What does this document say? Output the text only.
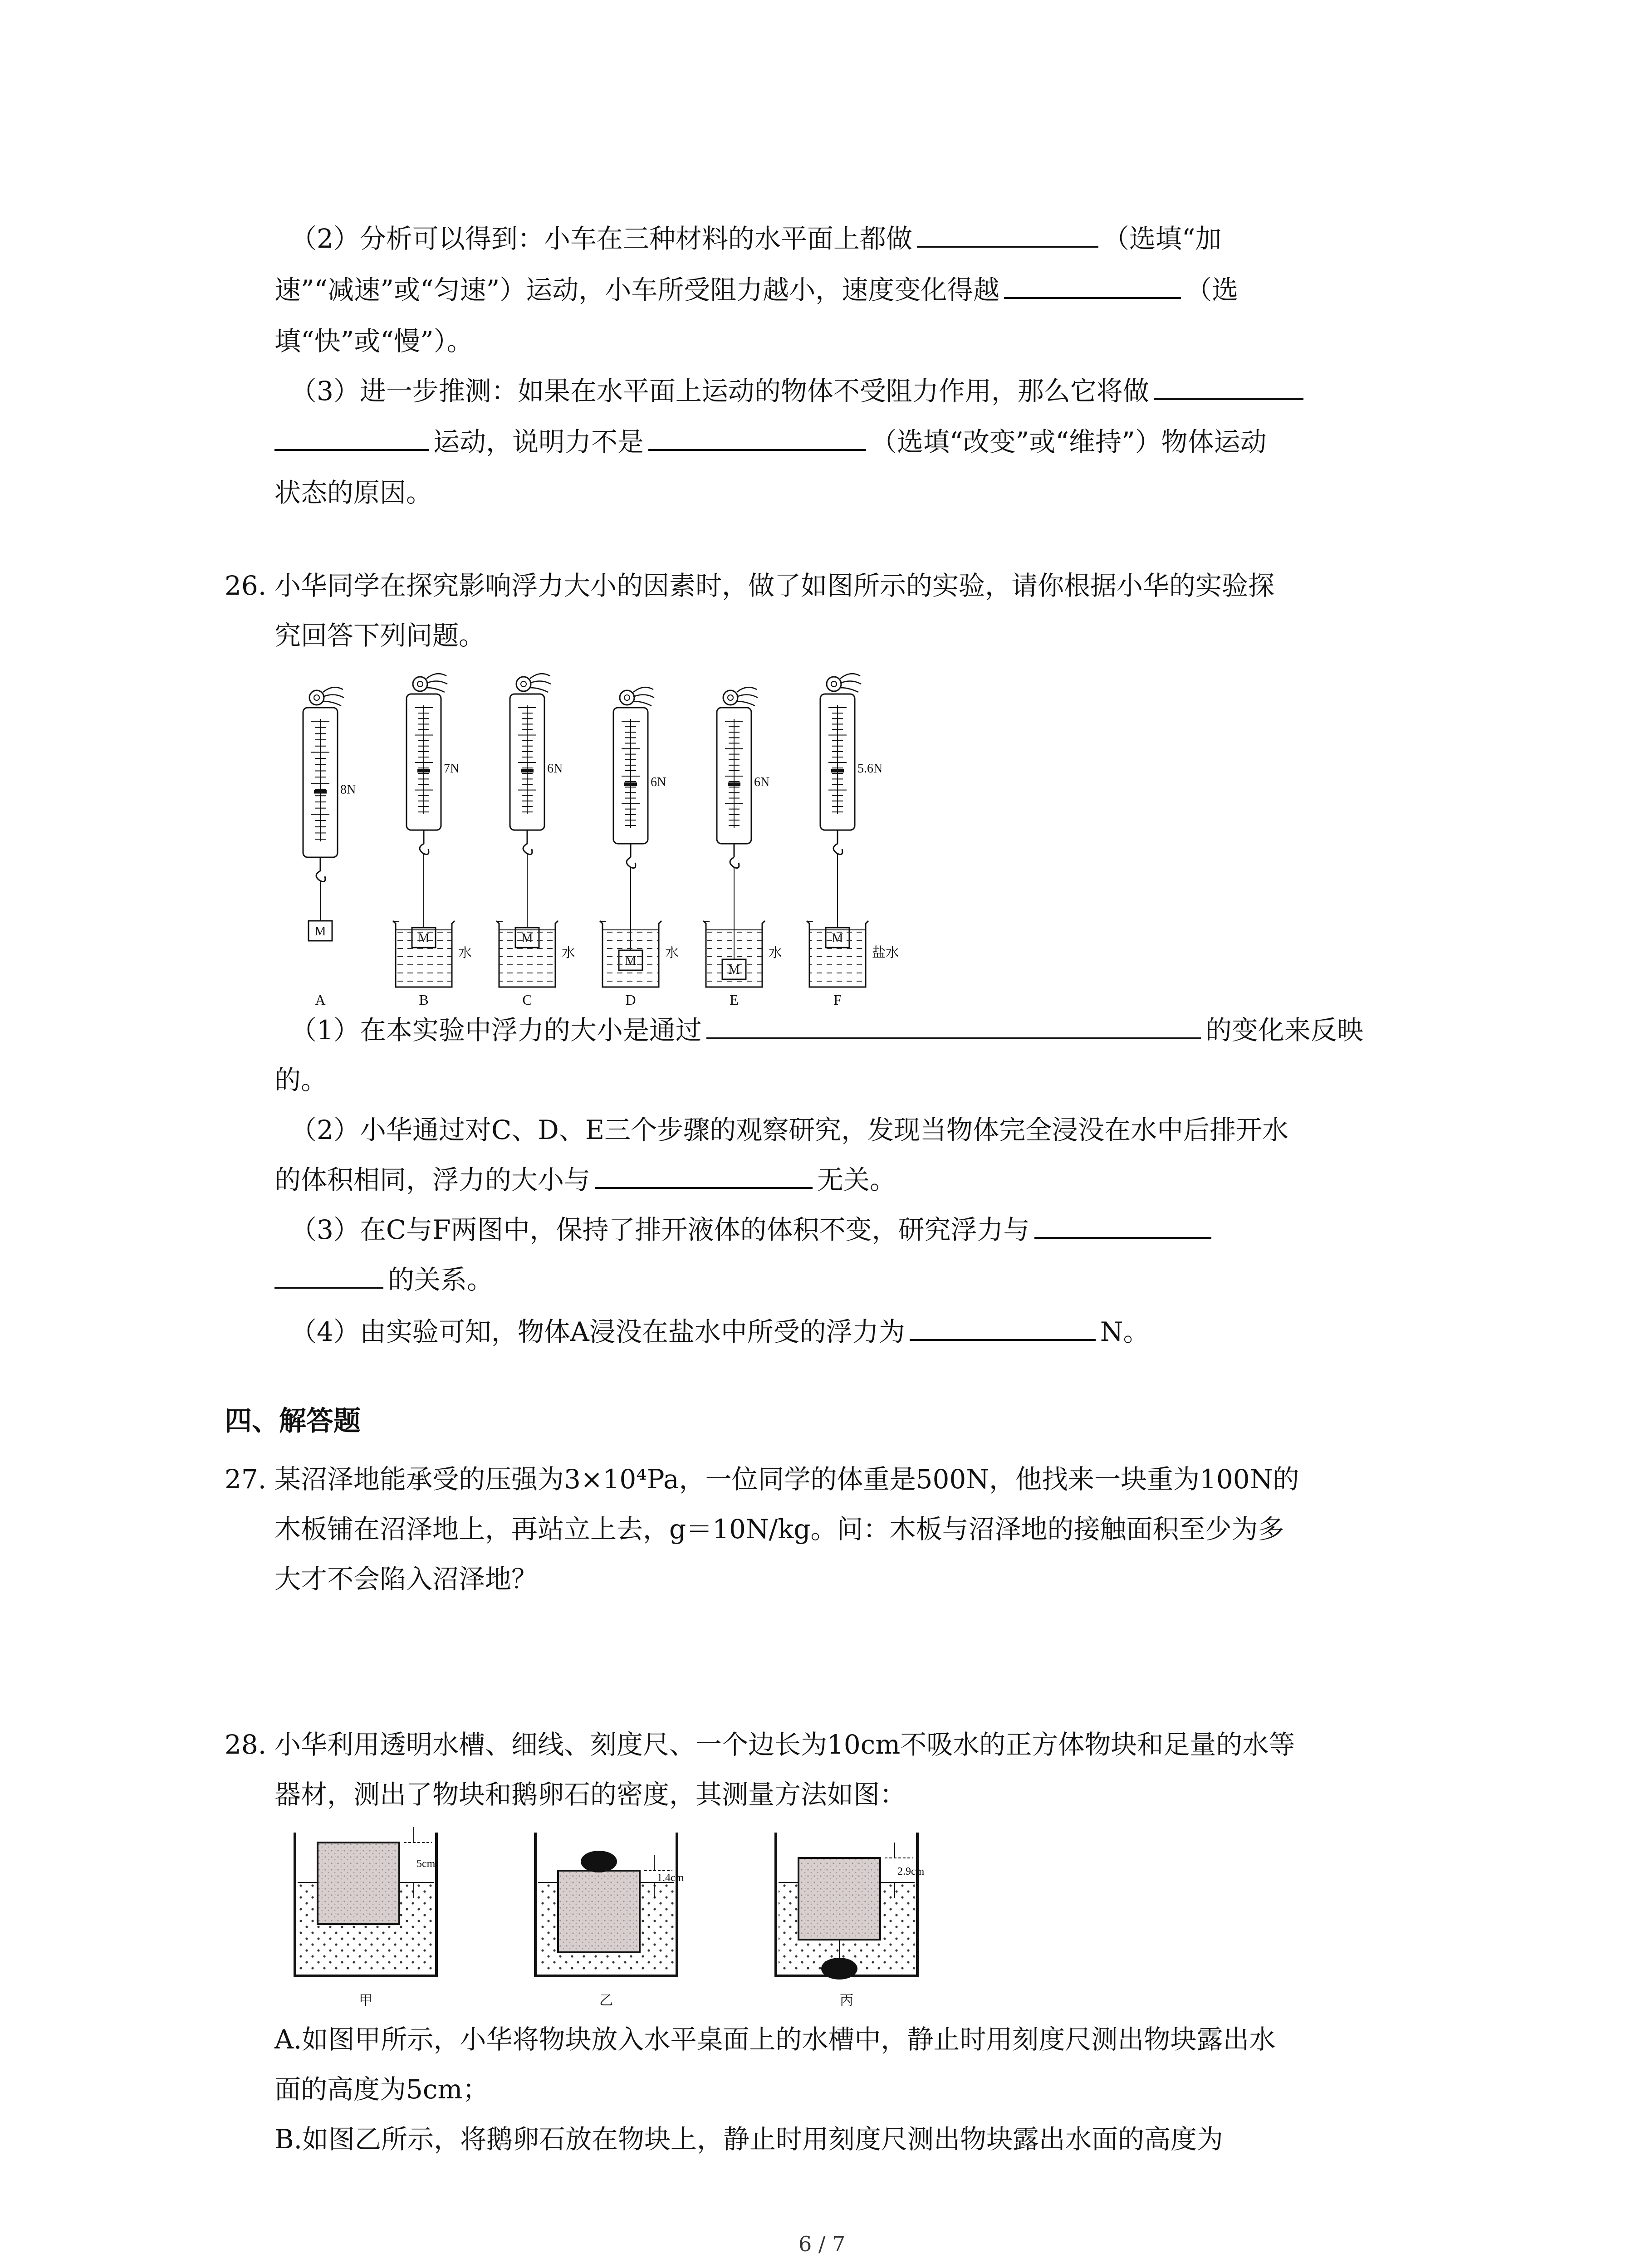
（2）分析可以得到：小车在三种材料的水平面上都做	（选填“加
速”“减速”或“匀速”）运动，小车所受阻力越小，速度变化得越	（选
填“快”或“慢”）。
（3）进一步推测：如果在水平面上运动的物体不受阻力作用，那么它将做
运动，说明力不是	（选填“改变”或“维持”）物体运动
状态的原因。
26. 小华同学在探究影响浮力大小的因素时，做了如图所示的实验，请你根据小华的实验探
究回答下列问题。
8N
M
A
7N
水
B
6N
水
C
6N
水
D
6N
水
E
5.6N
盐水
F
（1）在本实验中浮力的大小是通过	的变化来反映
的。
（2）小华通过对C、D、E三个步骤的观察研究，发现当物体完全浸没在水中后排开水
的体积相同，浮力的大小与	无关。
（3）在C与F两图中，保持了排开液体的体积不变，研究浮力与
的关系。
（4）由实验可知，物体A浸没在盐水中所受的浮力为	N。
四、解答题
27. 某沼泽地能承受的压强为3×10⁴Pa，一位同学的体重是500N，他找来一块重为100N的
木板铺在沼泽地上，再站立上去，g＝10N/kg。问：木板与沼泽地的接触面积至少为多
大才不会陷入沼泽地？
28. 小华利用透明水槽、细线、刻度尺、一个边长为10cm不吸水的正方体物块和足量的水等
器材，测出了物块和鹅卵石的密度，其测量方法如图：
5cm
甲
1.4cm
乙
2.9cm
丙
A.如图甲所示，小华将物块放入水平桌面上的水槽中，静止时用刻度尺测出物块露出水
面的高度为5cm；
B.如图乙所示，将鹅卵石放在物块上，静止时用刻度尺测出物块露出水面的高度为
6 / 7
